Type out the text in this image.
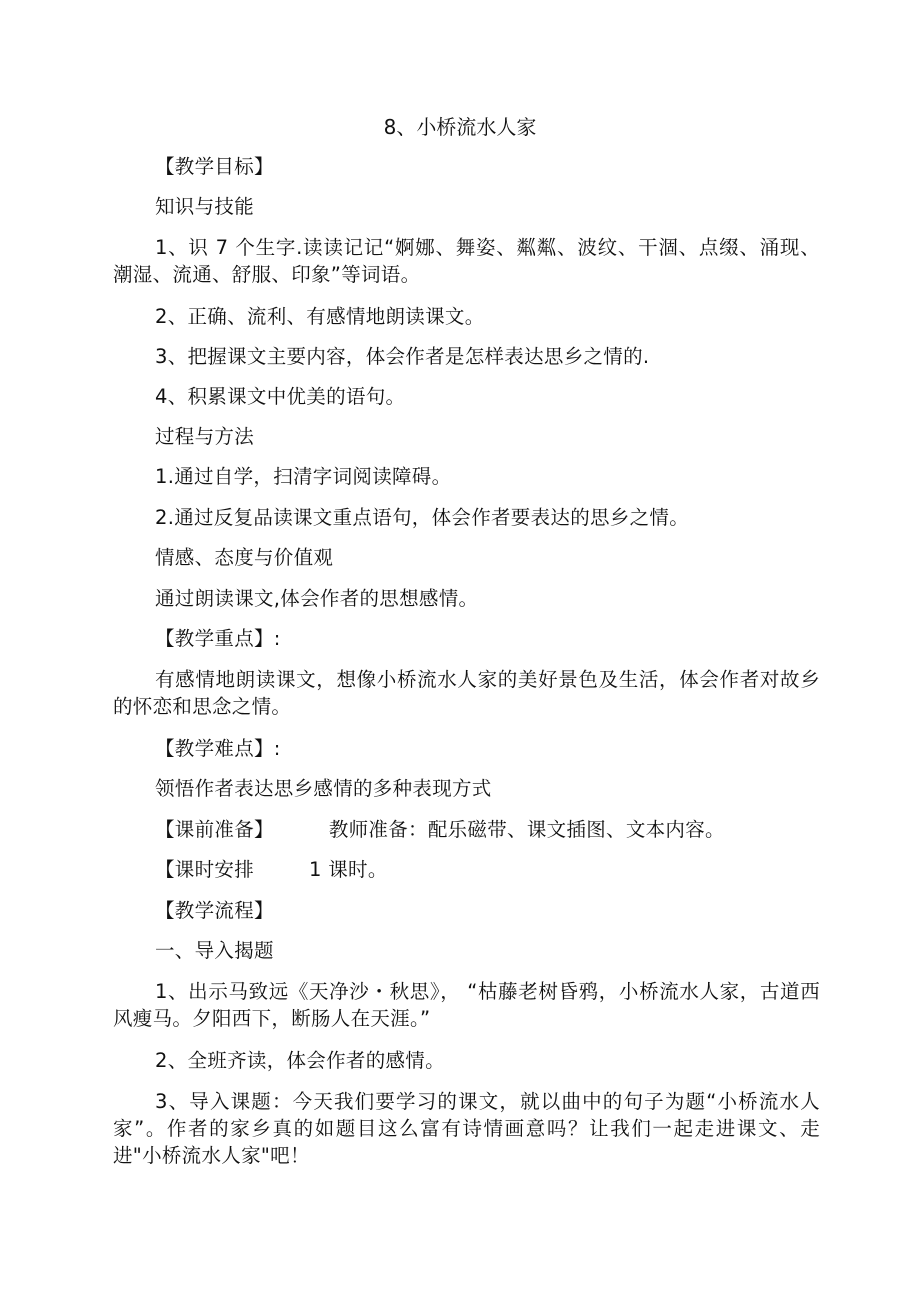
8、小桥流水人家
【教学目标】
知识与技能
1、识 7 个生字.读读记记“婀娜、舞姿、粼粼、波纹、干涸、点缀、涌现、潮湿、流通、舒服、印象”等词语。
2、正确、流利、有感情地朗读课文。
3、把握课文主要内容，体会作者是怎样表达思乡之情的.
4、积累课文中优美的语句。
过程与方法
1.通过自学，扫清字词阅读障碍。
2.通过反复品读课文重点语句，体会作者要表达的思乡之情。
情感、态度与价值观
通过朗读课文,体会作者的思想感情。
【教学重点】:
有感情地朗读课文，想像小桥流水人家的美好景色及生活，体会作者对故乡的怀恋和思念之情。
【教学难点】:
领悟作者表达思乡感情的多种表现方式
【课前准备】	教师准备：配乐磁带、课文插图、文本内容。
【课时安排	1 课时。
【教学流程】
一、导入揭题
1、出示马致远《天净沙・秋思》， “枯藤老树昏鸦，小桥流水人家，古道西风瘦马。夕阳西下，断肠人在天涯。”
2、全班齐读，体会作者的感情。
3、导入课题：今天我们要学习的课文，就以曲中的句子为题“小桥流水人家”。作者的家乡真的如题目这么富有诗情画意吗？让我们一起走进课文、走进"小桥流水人家"吧！
